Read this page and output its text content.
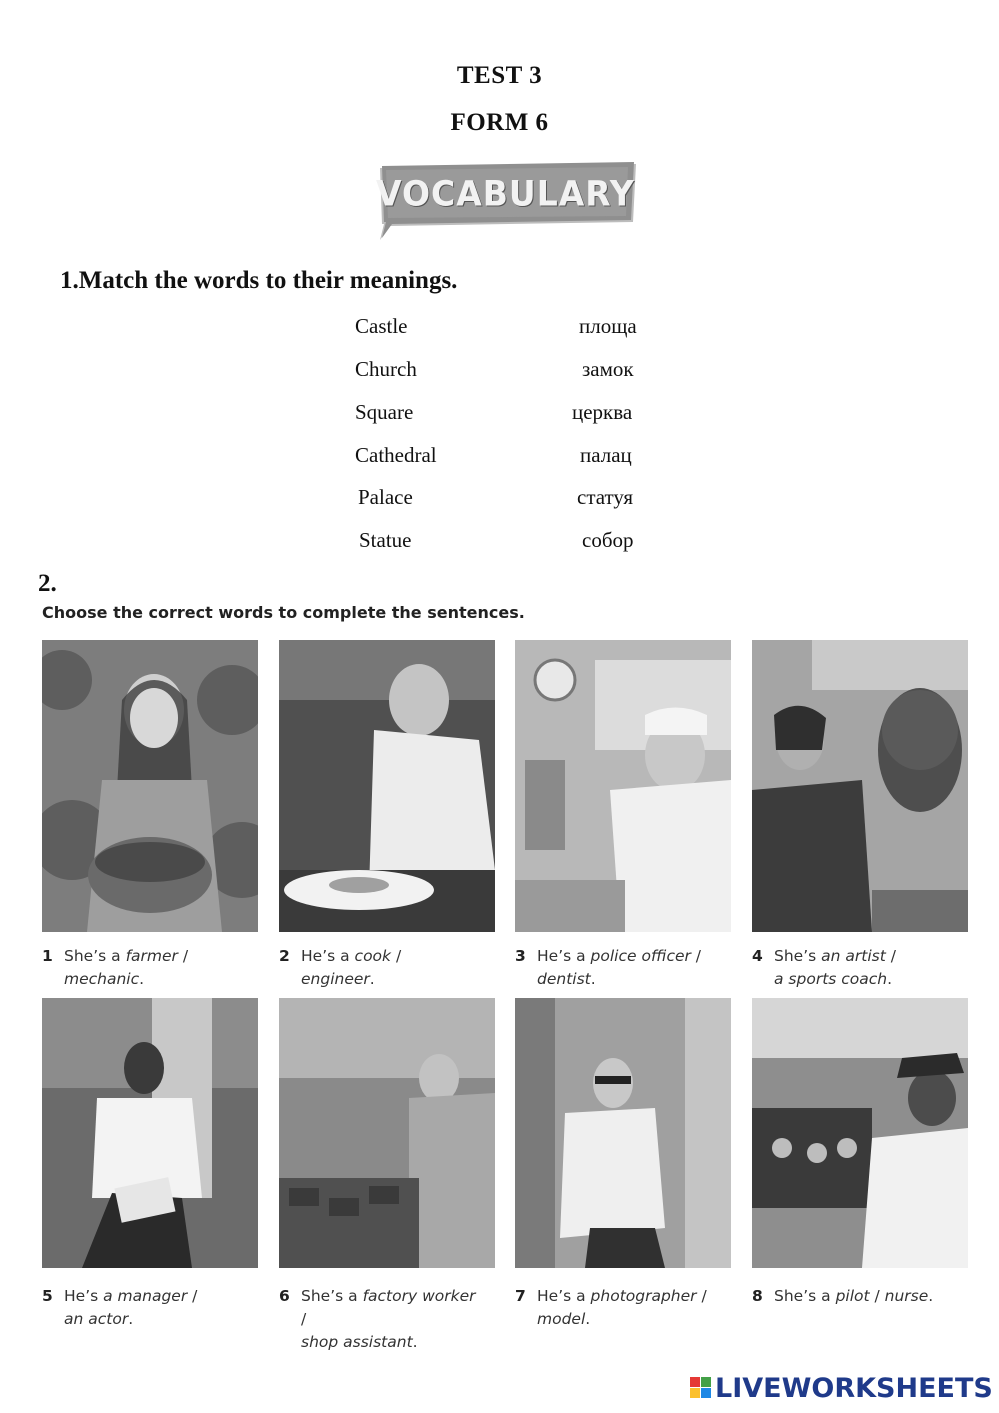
TEST 3
FORM 6
VOCABULARY
1.Match the words to their meanings.
Castle
Church
Square
Cathedral
Palace
Statue
площа
замок
церква
палац
статуя
собор
2.
Choose the correct words to complete the sentences.
1 She’s a farmer /
mechanic.
2 He’s a cook /
engineer.
3 He’s a police officer /
dentist.
4 She’s an artist /
a sports coach.
5 He’s a manager /
an actor.
6 She’s a factory worker /
shop assistant.
7 He’s a photographer /
model.
8 She’s a pilot / nurse.
LIVEWORKSHEETS
